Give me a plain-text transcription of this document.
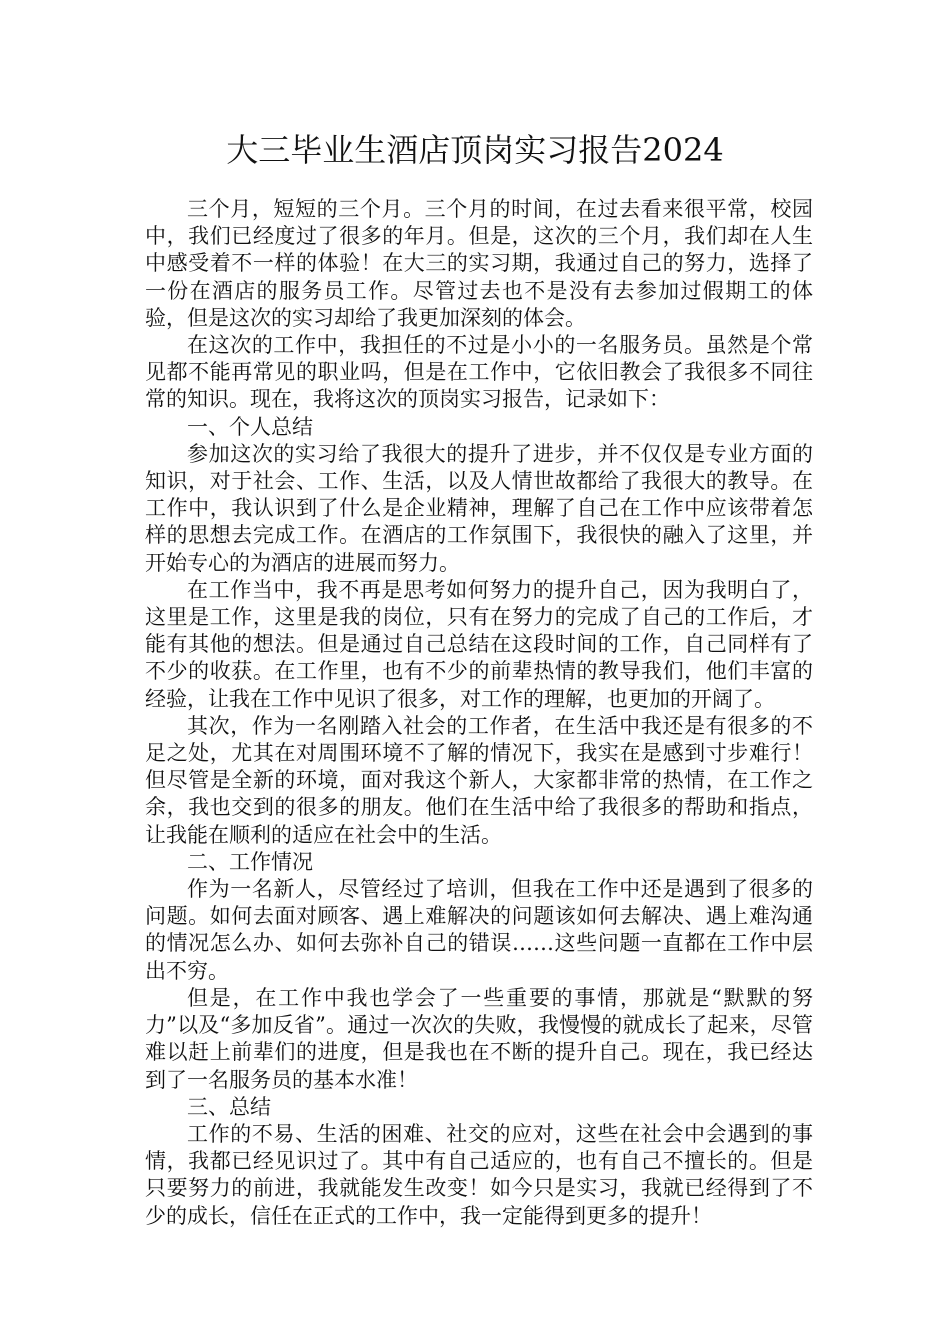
大三毕业生酒店顶岗实习报告2024

三个月，短短的三个月。三个月的时间，在过去看来很平常，校园中，我们已经度过了很多的年月。但是，这次的三个月，我们却在人生中感受着不一样的体验！在大三的实习期，我通过自己的努力，选择了一份在酒店的服务员工作。尽管过去也不是没有去参加过假期工的体验，但是这次的实习却给了我更加深刻的体会。

在这次的工作中，我担任的不过是小小的一名服务员。虽然是个常见都不能再常见的职业吗，但是在工作中，它依旧教会了我很多不同往常的知识。现在，我将这次的顶岗实习报告，记录如下：

一、个人总结

参加这次的实习给了我很大的提升了进步，并不仅仅是专业方面的知识，对于社会、工作、生活，以及人情世故都给了我很大的教导。在工作中，我认识到了什么是企业精神，理解了自己在工作中应该带着怎样的思想去完成工作。在酒店的工作氛围下，我很快的融入了这里，并开始专心的为酒店的进展而努力。

在工作当中，我不再是思考如何努力的提升自己，因为我明白了，这里是工作，这里是我的岗位，只有在努力的完成了自己的工作后，才能有其他的想法。但是通过自己总结在这段时间的工作，自己同样有了不少的收获。在工作里，也有不少的前辈热情的教导我们，他们丰富的经验，让我在工作中见识了很多，对工作的理解，也更加的开阔了。

其次，作为一名刚踏入社会的工作者，在生活中我还是有很多的不足之处，尤其在对周围环境不了解的情况下，我实在是感到寸步难行！但尽管是全新的环境，面对我这个新人，大家都非常的热情，在工作之余，我也交到的很多的朋友。他们在生活中给了我很多的帮助和指点，让我能在顺利的适应在社会中的生活。

二、工作情况

作为一名新人，尽管经过了培训，但我在工作中还是遇到了很多的问题。如何去面对顾客、遇上难解决的问题该如何去解决、遇上难沟通的情况怎么办、如何去弥补自己的错误……这些问题一直都在工作中层出不穷。

但是，在工作中我也学会了一些重要的事情，那就是“默默的努力”以及“多加反省”。通过一次次的失败，我慢慢的就成长了起来，尽管难以赶上前辈们的进度，但是我也在不断的提升自己。现在，我已经达到了一名服务员的基本水准！

三、总结

工作的不易、生活的困难、社交的应对，这些在社会中会遇到的事情，我都已经见识过了。其中有自己适应的，也有自己不擅长的。但是只要努力的前进，我就能发生改变！如今只是实习，我就已经得到了不少的成长，信任在正式的工作中，我一定能得到更多的提升！
